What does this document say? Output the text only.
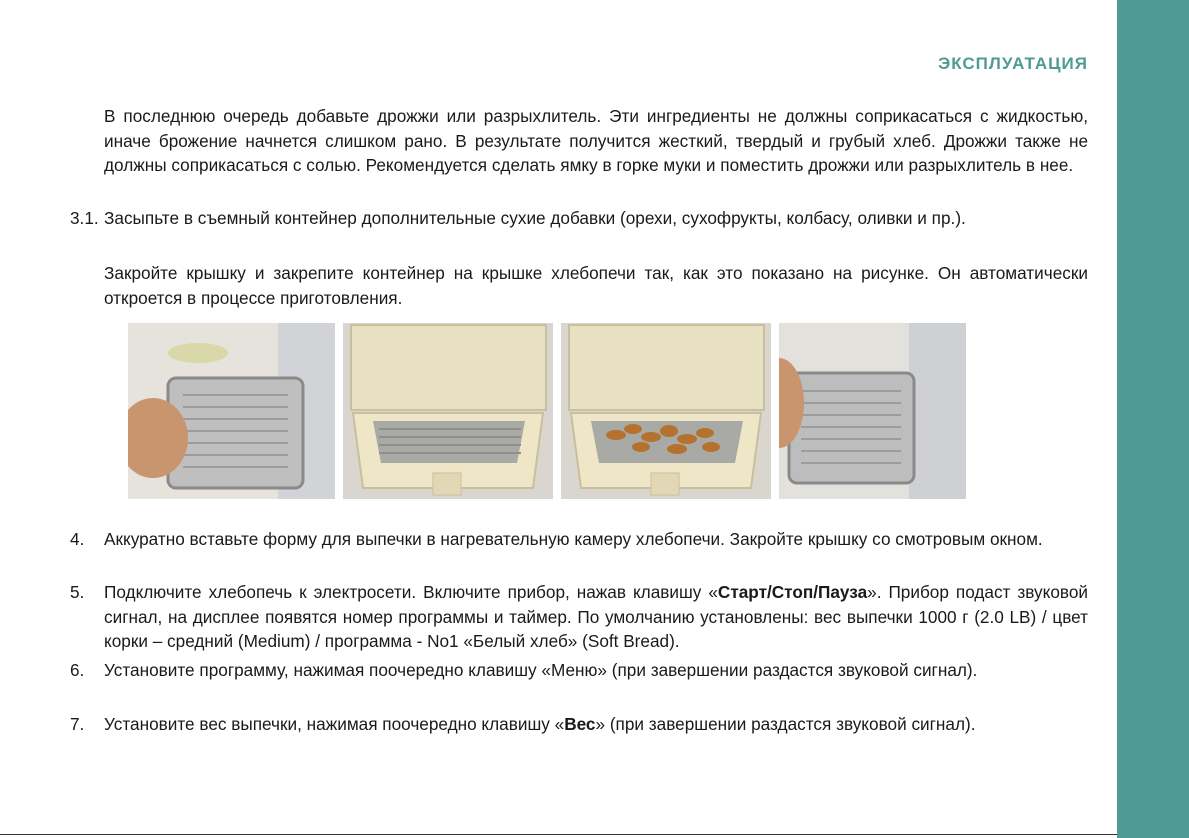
ЭКСПЛУАТАЦИЯ

В последнюю очередь добавьте дрожжи или разрыхлитель. Эти ингредиенты не должны соприкасаться с жидкостью, иначе брожение начнется слишком рано. В результате получится жесткий, твердый и грубый хлеб. Дрожжи также не должны соприкасаться с солью. Рекомендуется сделать ямку в горке муки и поместить дрожжи или разрыхлитель в нее.

3.1. Засыпьте в съемный контейнер дополнительные сухие добавки (орехи, сухофрукты, колбасу, оливки и пр.).

Закройте крышку и закрепите контейнер на крышке хлебопечи так, как это показано на рисунке. Он автоматически откроется в процессе приготовления.

4. Аккуратно вставьте форму для выпечки в нагревательную камеру хлебопечи. Закройте крышку со смотровым окном.

5. Подключите хлебопечь к электросети. Включите прибор, нажав клавишу «Старт/Стоп/Пауза». Прибор подаст звуковой сигнал, на дисплее появятся номер программы и таймер. По умолчанию установлены: вес выпечки 1000 г (2.0 LB) / цвет корки – средний (Medium) / программа - No1 «Белый хлеб» (Soft Bread).

6. Установите программу, нажимая поочередно клавишу «Меню» (при завершении раздастся звуковой сигнал).

7. Установите вес выпечки, нажимая поочередно клавишу «Вес» (при завершении раздастся звуковой сигнал).
